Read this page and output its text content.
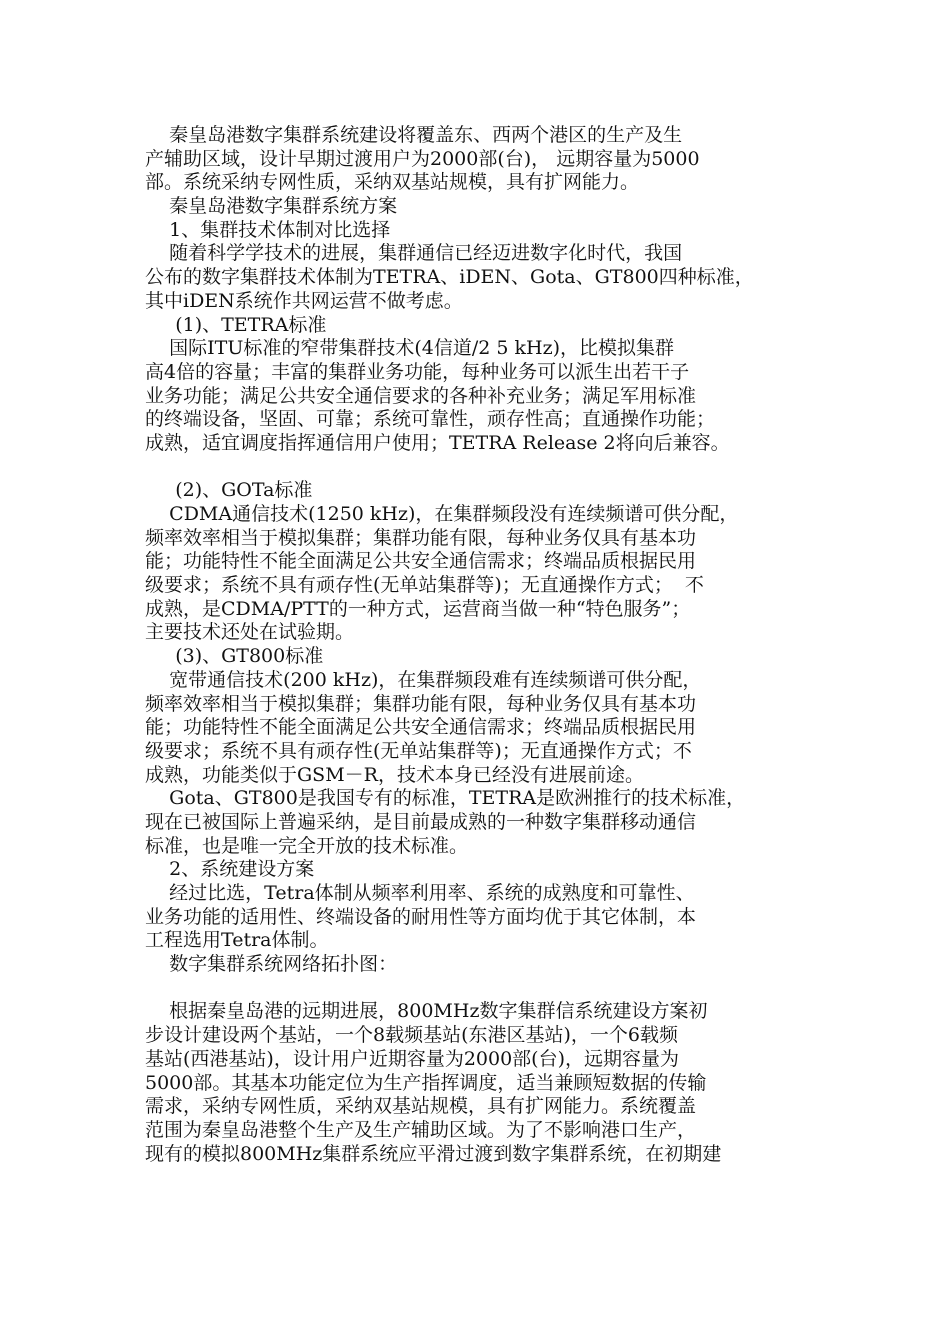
秦皇岛港数字集群系统建设将覆盖东、西两个港区的生产及生
产辅助区域，设计早期过渡用户为2000部(台)， 远期容量为5000
部。系统采纳专网性质，采纳双基站规模，具有扩网能力。
秦皇岛港数字集群系统方案
1、集群技术体制对比选择
随着科学学技术的进展，集群通信已经迈进数字化时代，我国
公布的数字集群技术体制为TETRA、iDEN、Gota、GT800四种标准，
其中iDEN系统作共网运营不做考虑。
(1)、TETRA标准
国际ITU标准的窄带集群技术(4信道/2 5 kHz)，比模拟集群
高4倍的容量；丰富的集群业务功能，每种业务可以派生出若干子
业务功能；满足公共安全通信要求的各种补充业务；满足军用标准
的终端设备，坚固、可靠；系统可靠性，顽存性高；直通操作功能；
成熟，适宜调度指挥通信用户使用；TETRA Release 2将向后兼容。
(2)、GOTa标准
CDMA通信技术(1250 kHz)，在集群频段没有连续频谱可供分配，
频率效率相当于模拟集群；集群功能有限，每种业务仅具有基本功
能；功能特性不能全面满足公共安全通信需求；终端品质根据民用
级要求；系统不具有顽存性(无单站集群等)；无直通操作方式；  不
成熟，是CDMA/PTT的一种方式，运营商当做一种“特色服务”；
主要技术还处在试验期。
(3)、GT800标准
宽带通信技术(200 kHz)，在集群频段难有连续频谱可供分配，
频率效率相当于模拟集群；集群功能有限，每种业务仅具有基本功
能；功能特性不能全面满足公共安全通信需求；终端品质根据民用
级要求；系统不具有顽存性(无单站集群等)；无直通操作方式；不
成熟，功能类似于GSM－R，技术本身已经没有进展前途。
Gota、GT800是我国专有的标准，TETRA是欧洲推行的技术标准，
现在已被国际上普遍采纳，是目前最成熟的一种数字集群移动通信
标准，也是唯一完全开放的技术标准。
2、系统建设方案
经过比选，Tetra体制从频率利用率、系统的成熟度和可靠性、
业务功能的适用性、终端设备的耐用性等方面均优于其它体制，本
工程选用Tetra体制。
数字集群系统网络拓扑图：
根据秦皇岛港的远期进展，800MHz数字集群信系统建设方案初
步设计建设两个基站，一个8载频基站(东港区基站)，一个6载频
基站(西港基站)，设计用户近期容量为2000部(台)，远期容量为
5000部。其基本功能定位为生产指挥调度，适当兼顾短数据的传输
需求，采纳专网性质，采纳双基站规模，具有扩网能力。系统覆盖
范围为秦皇岛港整个生产及生产辅助区域。为了不影响港口生产，
现有的模拟800MHz集群系统应平滑过渡到数字集群系统，在初期建
